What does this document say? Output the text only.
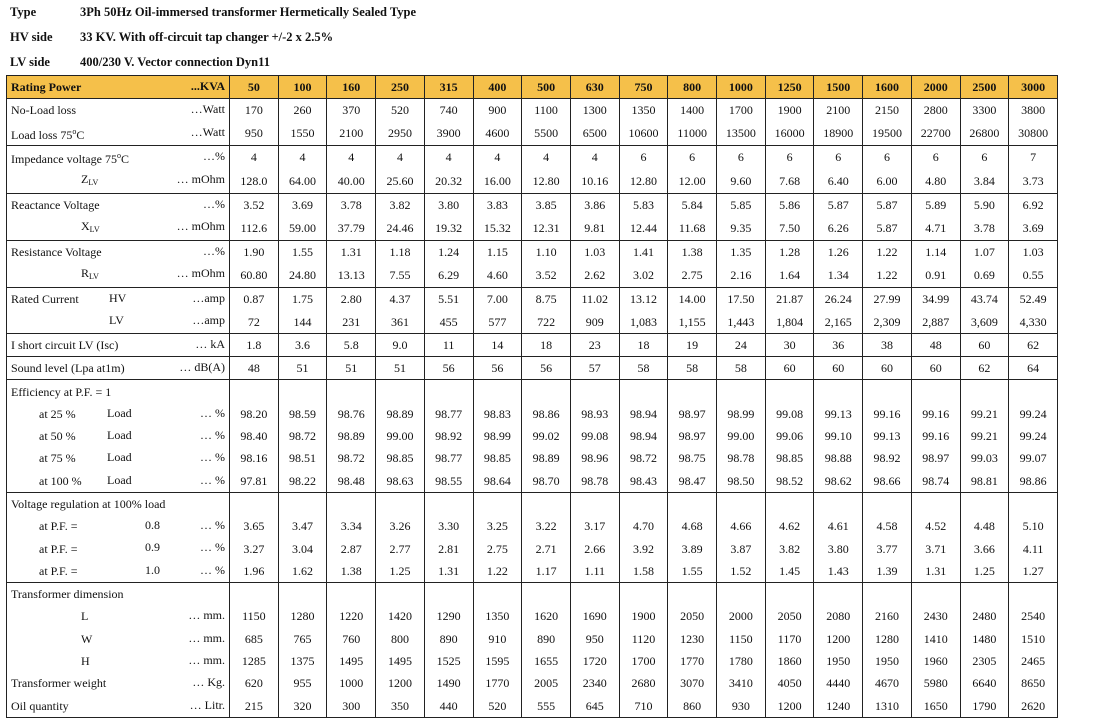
Type	3Ph 50Hz Oil-immersed transformer Hermetically Sealed Type
HV side 33 KV. With off-circuit tap changer +/-2 x 2.5%
LV side 400/230 V. Vector connection Dyn11
Rating Power ...KVA	50	100	160	250	315	400	500	630	750	800	1000	1250	1500	1600	2000	2500	3000
No-Load loss …Watt	170	260	370	520	740	900	1100	1300	1350	1400	1700	1900	2100	2150	2800	3300	3800
Load loss 75$^o$C …Watt	950	1550	2100	2950	3900	4600	5500	6500	10600	11000	13500	16000	18900	19500	22700	26800	30800
Impedance voltage 75$^o$C …%	4	4	4	4	4	4	4	4	6	6	6	6	6	6	6	6	7
$Z_{LV}$ … mOhm	128.0	64.00	40.00	25.60	20.32	16.00	12.80	10.16	12.80	12.00	9.60	7.68	6.40	6.00	4.80	3.84	3.73
Reactance Voltage …%	3.52	3.69	3.78	3.82	3.80	3.83	3.85	3.86	5.83	5.84	5.85	5.86	5.87	5.87	5.89	5.90	6.92
$X_{LV}$ … mOhm	112.6	59.00	37.79	24.46	19.32	15.32	12.31	9.81	12.44	11.68	9.35	7.50	6.26	5.87	4.71	3.78	3.69
Resistance Voltage …%	1.90	1.55	1.31	1.18	1.24	1.15	1.10	1.03	1.41	1.38	1.35	1.28	1.26	1.22	1.14	1.07	1.03
$R_{LV}$ … mOhm	60.80	24.80	13.13	7.55	6.29	4.60	3.52	2.62	3.02	2.75	2.16	1.64	1.34	1.22	0.91	0.69	0.55
Rated Current HV …amp	0.87	1.75	2.80	4.37	5.51	7.00	8.75	11.02	13.12	14.00	17.50	21.87	26.24	27.99	34.99	43.74	52.49

LV …amp	72	144	231	361	455	577	722	909	1,083	1,155	1,443	1,804	2,165	2,309	2,887	3,609	4,330
I short circuit LV (Isc) … kA	1.8	3.6	5.8	9.0	11	14	18	23	18	19	24	30	36	38	48	60	62
Sound level (Lpa at1m) … dB(A)	48	51	51	51	56	56	56	57	58	58	58	60	60	60	60	62	64
Efficiency at P.F. = 1																	
at 25 % Load … %	98.20	98.59	98.76	98.89	98.77	98.83	98.86	98.93	98.94	98.97	98.99	99.08	99.13	99.16	99.16	99.21	99.24
at 50 % Load … %	98.40	98.72	98.89	99.00	98.92	98.99	99.02	99.08	98.94	98.97	99.00	99.06	99.10	99.13	99.16	99.21	99.24
at 75 % Load … %	98.16	98.51	98.72	98.85	98.77	98.85	98.89	98.96	98.72	98.75	98.78	98.85	98.88	98.92	98.97	99.03	99.07
at 100 % Load … %	97.81	98.22	98.48	98.63	98.55	98.64	98.70	98.78	98.43	98.47	98.50	98.52	98.62	98.66	98.74	98.81	98.86
Voltage regulation at 100% load																	
at P.F. = 0.8 … %	3.65	3.47	3.34	3.26	3.30	3.25	3.22	3.17	4.70	4.68	4.66	4.62	4.61	4.58	4.52	4.48	5.10
at P.F. = 0.9 … %	3.27	3.04	2.87	2.77	2.81	2.75	2.71	2.66	3.92	3.89	3.87	3.82	3.80	3.77	3.71	3.66	4.11
at P.F. = 1.0 … %	1.96	1.62	1.38	1.25	1.31	1.22	1.17	1.11	1.58	1.55	1.52	1.45	1.43	1.39	1.31	1.25	1.27
Transformer dimension																	
L … mm.	1150	1280	1220	1420	1290	1350	1620	1690	1900	2050	2000	2050	2080	2160	2430	2480	2540
W … mm.	685	765	760	800	890	910	890	950	1120	1230	1150	1170	1200	1280	1410	1480	1510
H … mm.	1285	1375	1495	1495	1525	1595	1655	1720	1700	1770	1780	1860	1950	1950	1960	2305	2465
Transformer weight … Kg.	620	955	1000	1200	1490	1770	2005	2340	2680	3070	3410	4050	4440	4670	5980	6640	8650
Oil quantity … Litr.	215	320	300	350	440	520	555	645	710	860	930	1200	1240	1310	1650	1790	2620
